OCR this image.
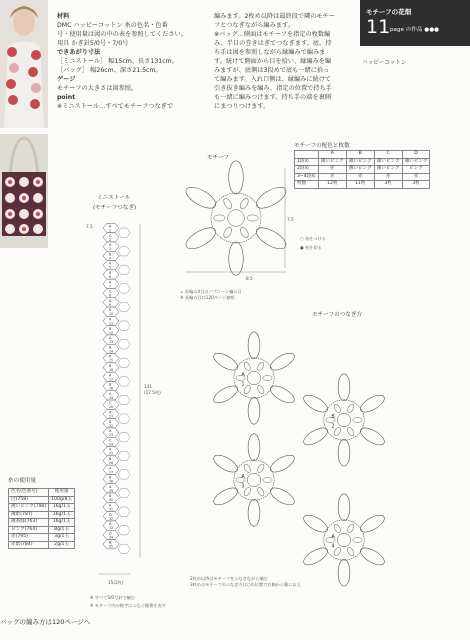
材料
DMC ハッピーコットン 糸の色名・色番
号・使用量は図の中の表を参照してください。
用具 かぎ針5/0号・7/0号
できあがり寸法
［ミニストール］ 幅15cm、長さ131cm。
［バッグ］ 幅26cm、深さ21.5cm。
ゲージ
モチーフの大きさは図参照。
point
※ミニストール…すべてモチーフつなぎで
編みます。2枚め以降は最終段で隣のモチー
フとつなぎながら編みます。
※バッグ…側面はモチーフを指定の枚数編
み、半目の巻きはぎでつなぎます。底、持
ち手は図を参照しながら縁編みで編みま
す。続けて側面から目を拾い、縁編みを編
みますが、底側は3段めで底も一緒に拾っ
て編みます。入れ口側は、縁編みに続けて
引き抜き編みを編み、指定の位置で持ち手
も一緒に編みつけます。持ち手の端を裏側
にまつりつけます。
モチーフの花畑
11 page の作品 ●●●
ハッピーコットン
モチーフの配色と枚数
	A	B	C	D
1段め	薄いピンク	薄いピンク	薄いピンク	薄いピンク
2段め	赤	薄いピンク	薄いピンク	ピンク
3~4段め	赤	赤	赤	赤
枚数	12枚	11枚	3枚	3枚
糸の使用量
色名(色番号)	使用量
白(758)	100g/8玉
薄いピンク(790)	16g/1玉
薄紫(787)	16g/1玉
薄茶緑(763)	16g/1玉
ピンク(764)	8g/1玉
赤(795)	3g/1玉
赤紫(784)	2g/1玉
モチーフ
ミニストール
(モチーフつなぎ)
モチーフのつなぎ方
A
1
B
2
A
3
A
4
A
1
C
2
A
3
B
4
A
5
B
6
A
7
C
8
A
9
B
10
A
11
B
12
A
13
B
14
A
15
B
16
A
17
B
18
A
19
C
20
A
21
B
22
A
23
C
24
A
25
B
26
A
27
B
28
A
29
B
30
A
31
D
32
A
33
D
34
B
35
○ 糸をつける
● 糸を切る
= 長編み4目のパプコーン編み目
※ 長編み目は120ページ参照
8.5
7.5
7.5
131
(17.5枚)
15(2枚)
※ すべて5/0号針で編む
※ モチーフ内の数字はつなぐ順番を表す
2枚め以降はモチーフをつなぎながら編む
3枚めのモチーフのつなぎ方は○の位置で右側から順にお上
バッグの編み方は120ページへ
